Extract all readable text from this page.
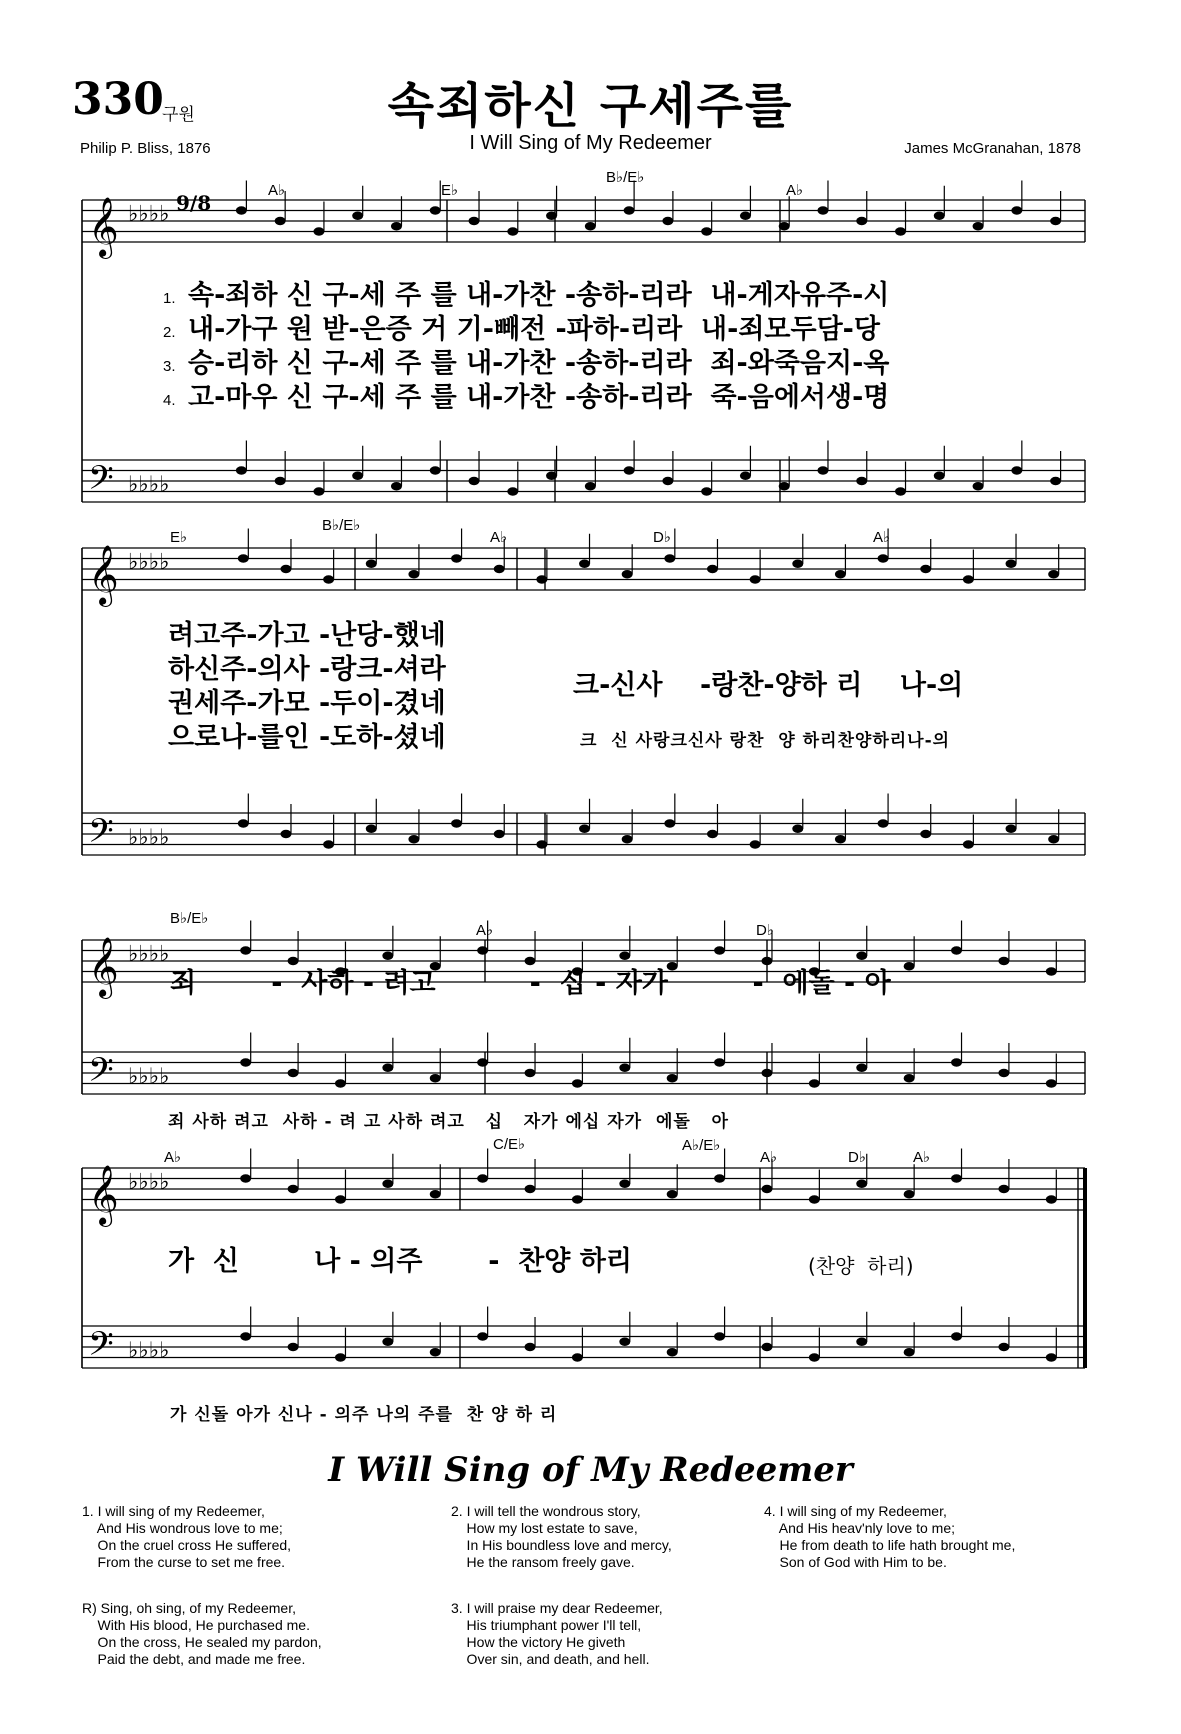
330
구원	속죄하신 구세주를
I Will Sing of My Redeemer
Philip P. Bliss, 1876	James McGranahan, 1878
𝄞
𝄢
♭♭♭♭
♭♭♭♭
𝄞
𝄢
♭♭♭♭
♭♭♭♭
𝄞
𝄢
♭♭♭♭
♭♭♭♭
𝄞
𝄢
♭♭♭♭
♭♭♭♭
A♭	E♭
B♭/E♭
A♭
9/8
1.
2.
3.
4.
속-죄하 신 구-세 주 를 내-가찬 -송하-리라  내-게자유주-시
내-가구 원 받-은증 거 기-빼전 -파하-리라  내-죄모두담-당
승-리하 신 구-세 주 를 내-가찬 -송하-리라  죄-와죽음지-옥
고-마우 신 구-세 주 를 내-가찬 -송하-리라  죽-음에서생-명
E♭
B♭/E♭
A♭	D♭	A♭
려고주-가고 -난당-했네
하신주-의사 -랑크-셔라
권세주-가모 -두이-겼네
으로나-를인 -도하-셨네
크-신사    -랑찬-양하 리    나-의
크  신 사랑크신사 랑찬  양 하리찬양하리나-의
B♭/E♭
A♭	D♭
죄        -  사하 - 려고          -  십 - 자가         -  에돌 - 아
죄 사하 려고  사하 - 려 고 사하 려고   십   자가 에십 자가  에돌   아
A♭
C/E♭	A♭/E♭
A♭	D♭	A♭
가  신        나 - 의주       -  찬양 하리	(찬양  하리)
가 신돌 아가 신나 - 의주 나의 주를  찬 양 하 리
I Will Sing of My Redeemer
1. I will sing of my Redeemer,
And His wondrous love to me;
On the cruel cross He suffered,
From the curse to set me free.
2. I will tell the wondrous story,
How my lost estate to save,
In His boundless love and mercy,
He the ransom freely gave.
4. I will sing of my Redeemer,
And His heav'nly love to me;
He from death to life hath brought me,
Son of God with Him to be.
R) Sing, oh sing, of my Redeemer,
With His blood, He purchased me.
On the cross, He sealed my pardon,
Paid the debt, and made me free.
3. I will praise my dear Redeemer,
His triumphant power I'll tell,
How the victory He giveth
Over sin, and death, and hell.
